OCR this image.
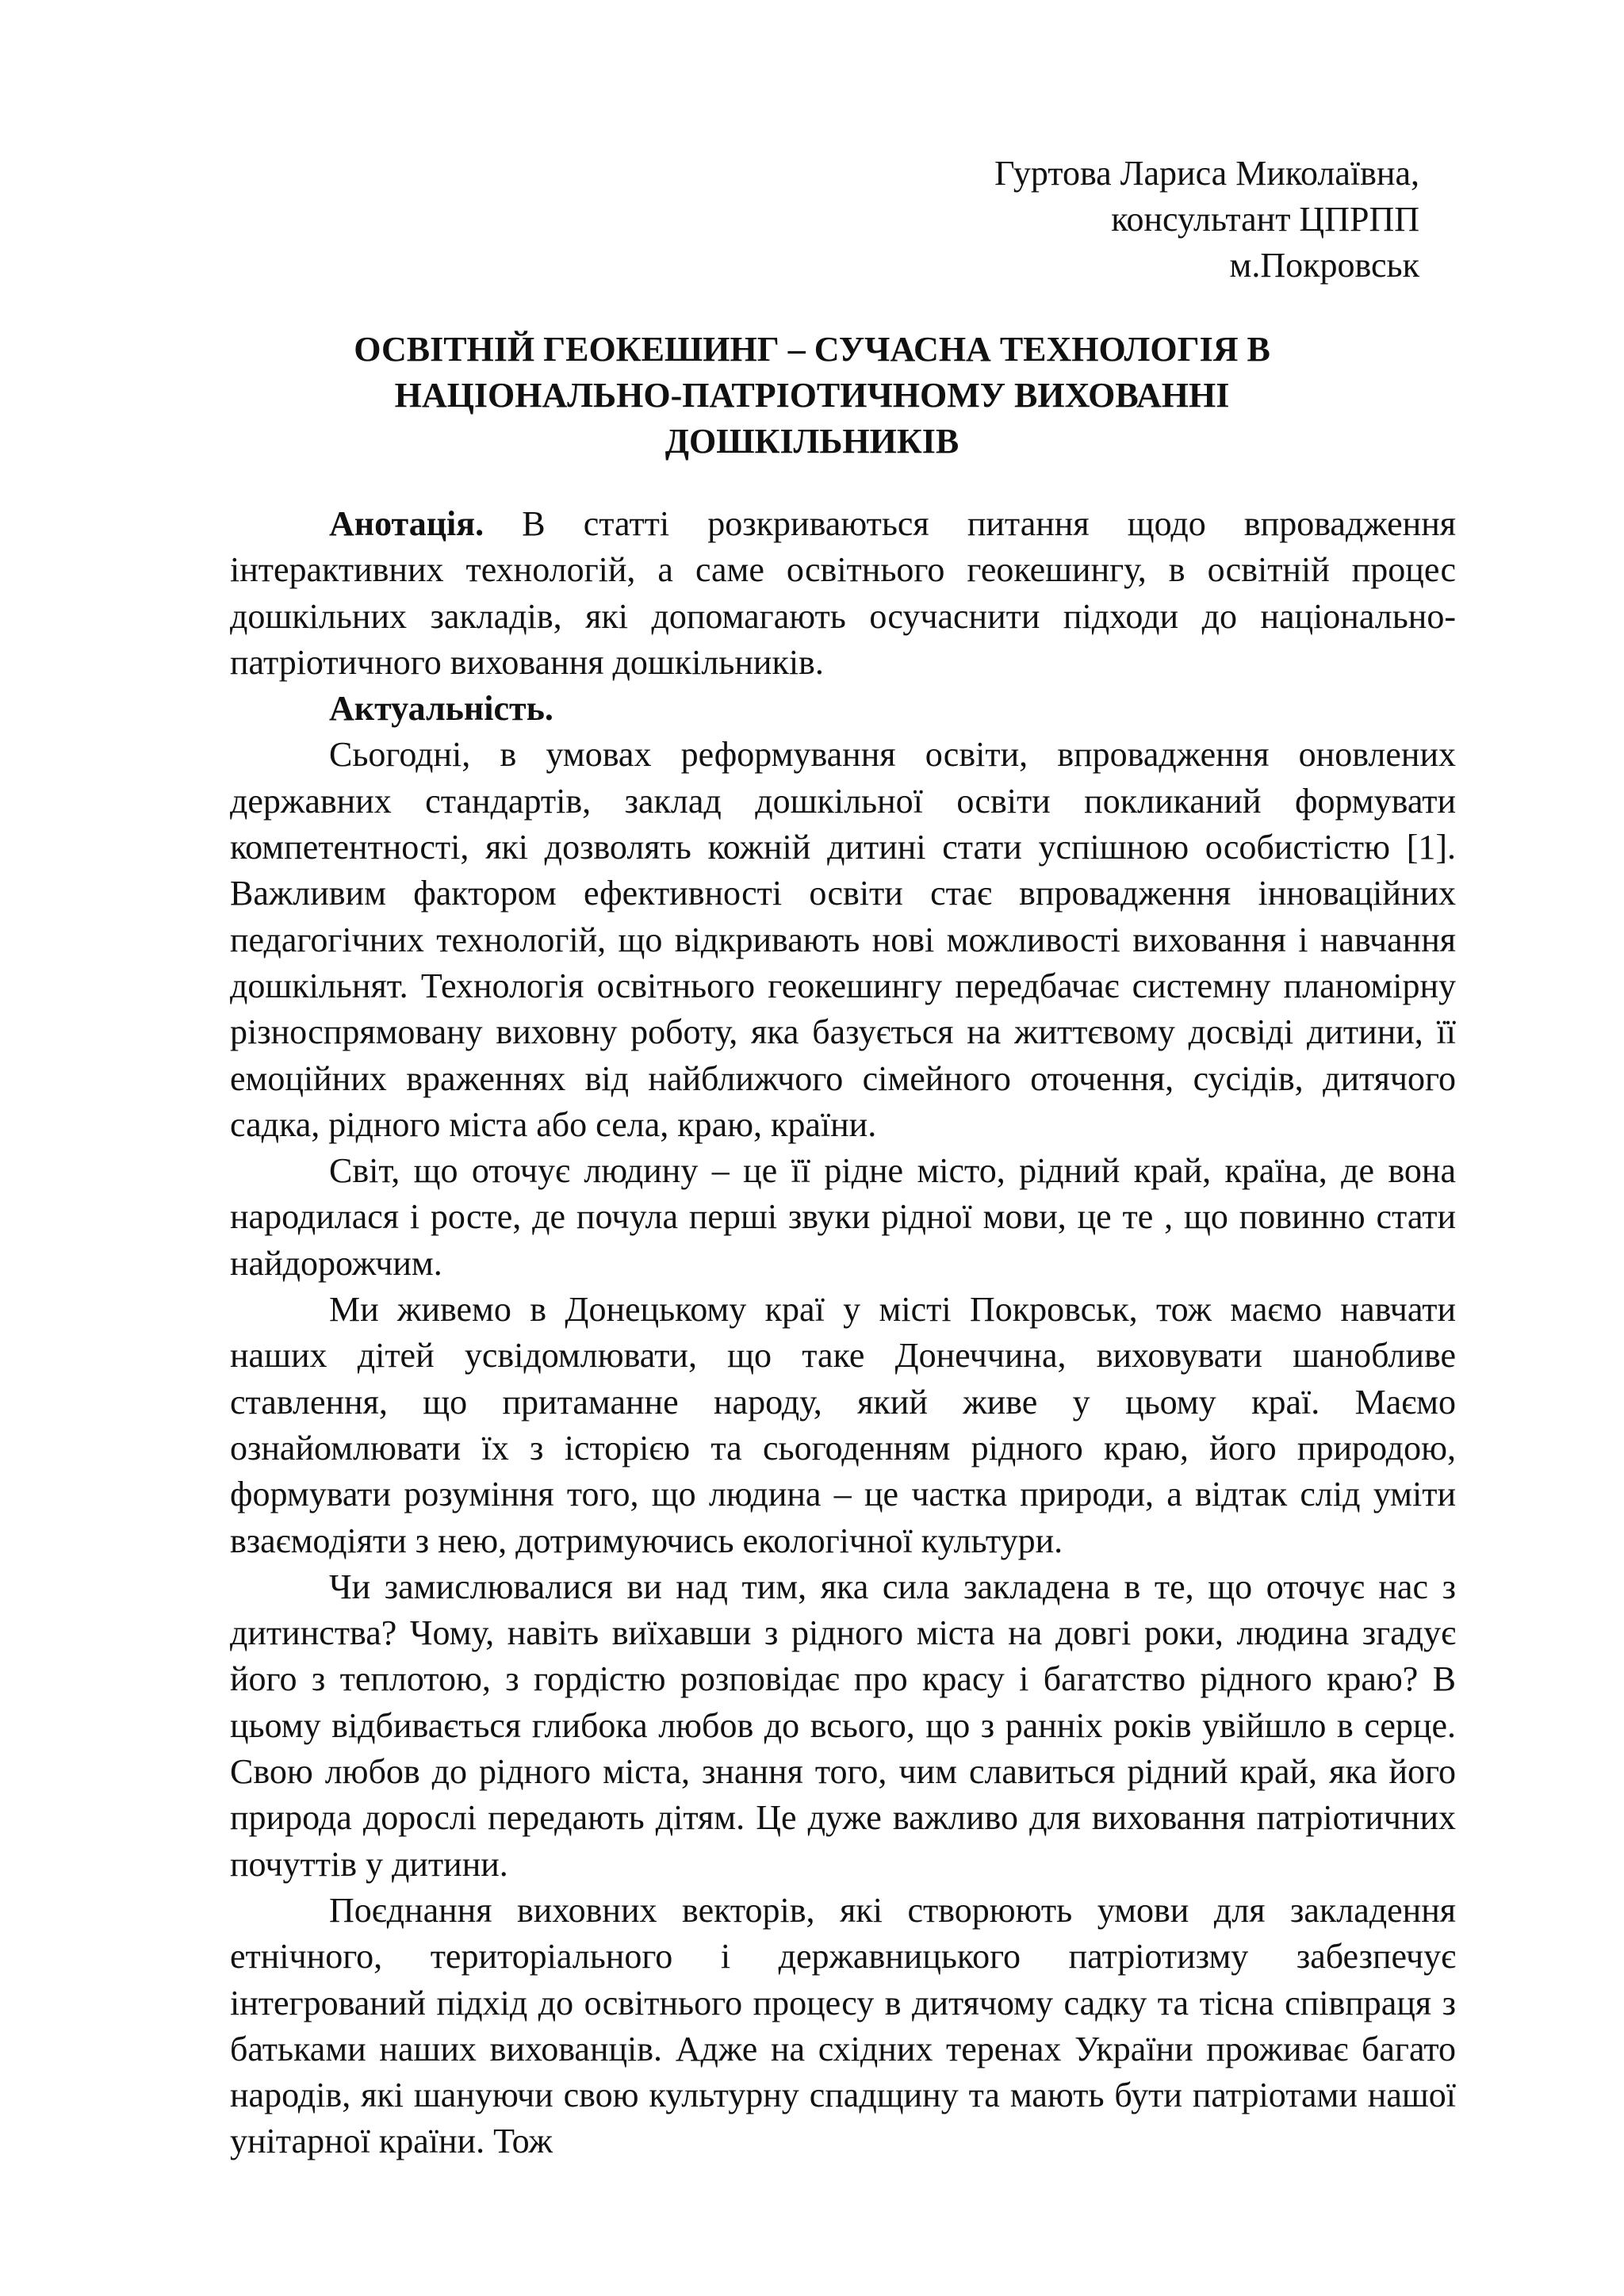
Гуртова Лариса Миколаївна,
консультант ЦПРПП
м.Покровськ
ОСВІТНІЙ ГЕОКЕШИНГ – СУЧАСНА ТЕХНОЛОГІЯ В
НАЦІОНАЛЬНО-ПАТРІОТИЧНОМУ ВИХОВАННІ
ДОШКІЛЬНИКІВ

Анотація. В статті розкриваються питання щодо впровадження інтерактивних технологій, а саме освітнього геокешингу, в освітній процес дошкільних закладів, які допомагають осучаснити підходи до національно-патріотичного виховання дошкільників.

Актуальність.

Сьогодні, в умовах реформування освіти, впровадження оновлених державних стандартів, заклад дошкільної освіти покликаний формувати компетентності, які дозволять кожній дитині стати успішною особистістю [1]. Важливим фактором ефективності освіти стає впровадження інноваційних педагогічних технологій, що відкривають нові можливості виховання і навчання дошкільнят. Технологія освітнього геокешингу передбачає системну планомірну різноспрямовану виховну роботу, яка базується на життєвому досвіді дитини, її емоційних враженнях від найближчого сімейного оточення, сусідів, дитячого садка, рідного міста або села, краю, країни.

Світ, що оточує людину – це її рідне місто, рідний край, країна, де вона народилася і росте, де почула перші звуки рідної мови, це те , що повинно стати найдорожчим.

Ми живемо в Донецькому краї у місті Покровськ, тож маємо навчати наших дітей усвідомлювати, що таке Донеччина, виховувати шанобливе ставлення, що притаманне народу, який живе у цьому краї. Маємо ознайомлювати їх з історією та сьогоденням рідного краю, його природою, формувати розуміння того, що людина – це частка природи, а відтак слід уміти взаємодіяти з нею, дотримуючись екологічної культури.

Чи замислювалися ви над тим, яка сила закладена в те, що оточує нас з дитинства? Чому, навіть виїхавши з рідного міста на довгі роки, людина згадує його з теплотою, з гордістю розповідає про красу і багатство рідного краю? В цьому відбивається глибока любов до всього, що з ранніх років увійшло в серце. Свою любов до рідного міста, знання того, чим славиться рідний край, яка його природа дорослі передають дітям. Це дуже важливо для виховання патріотичних почуттів у дитини.

Поєднання виховних векторів, які створюють умови для закладення етнічного, територіального і державницького патріотизму забезпечує інтегрований підхід до освітнього процесу в дитячому садку та тісна співпраця з батьками наших вихованців. Адже на східних теренах України проживає багато народів, які шануючи свою культурну спадщину та мають бути патріотами нашої унітарної країни. Тож
